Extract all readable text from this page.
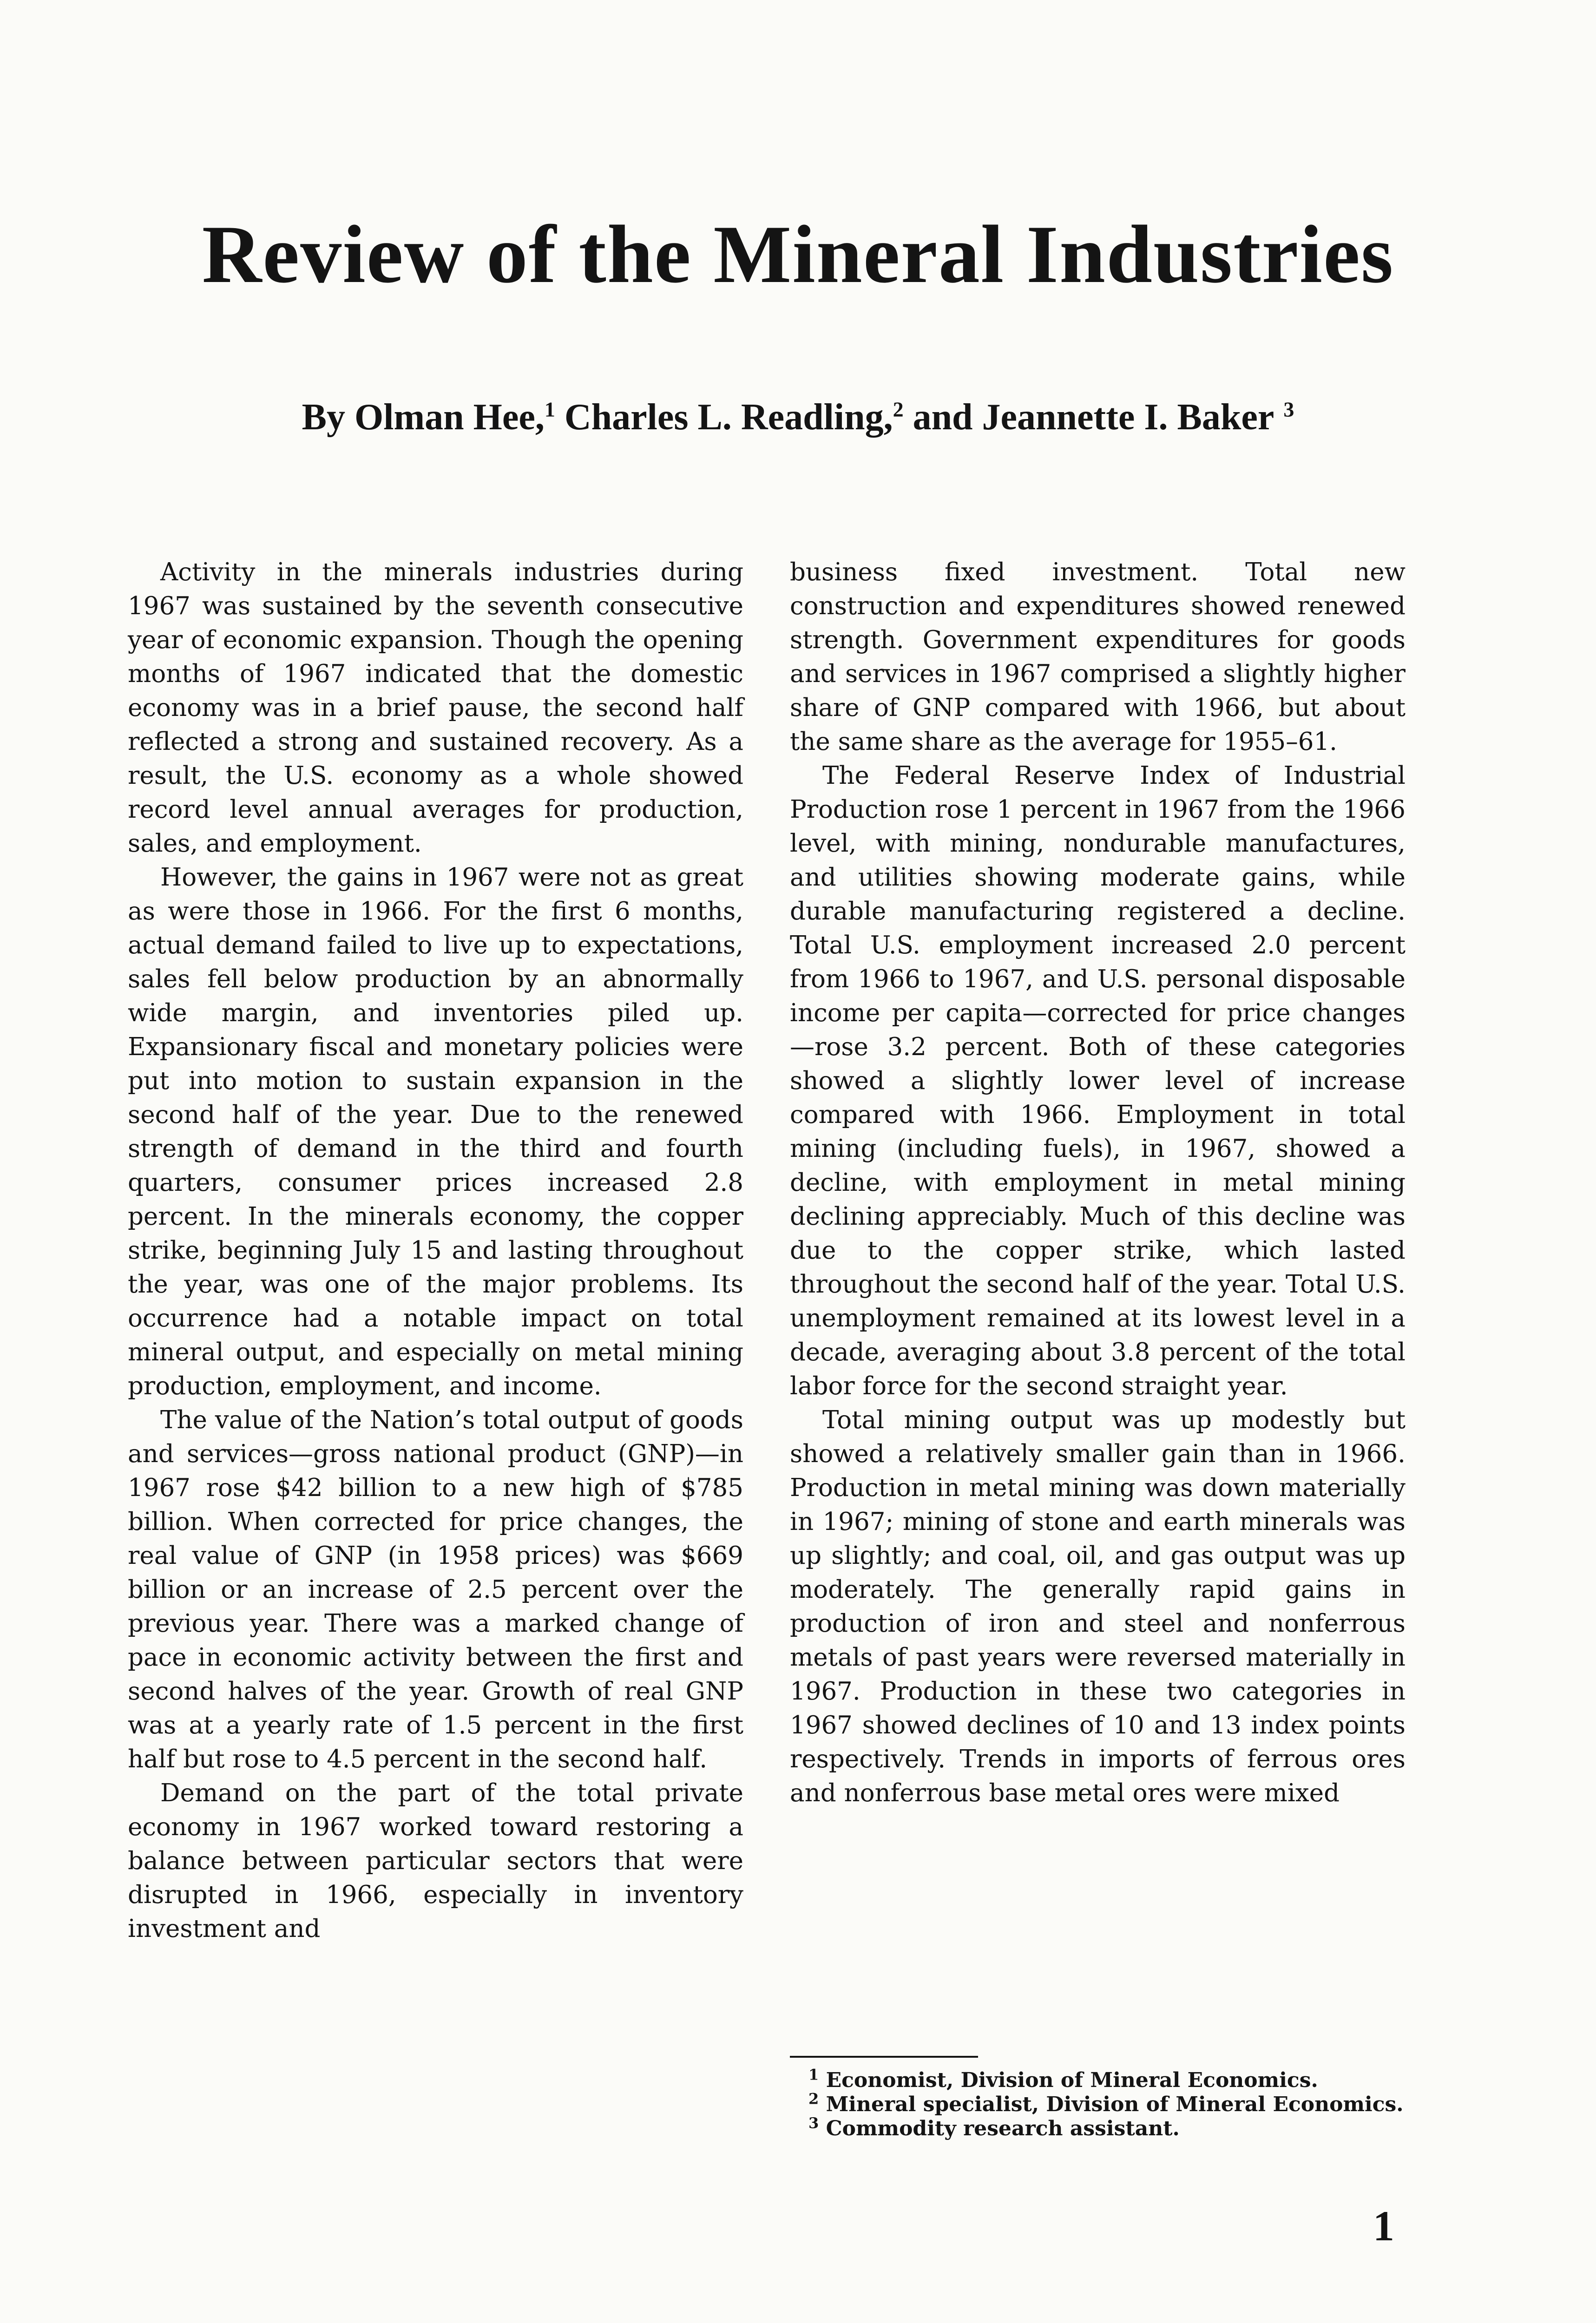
Review of the Mineral Industries
By Olman Hee,$^1$ Charles L. Readling,$^2$ and Jeannette I. Baker $^3$

Activity in the minerals industries during 1967 was sustained by the seventh consecutive year of economic expansion. Though the opening months of 1967 indicated that the domestic economy was in a brief pause, the second half reflected a strong and sustained recovery. As a result, the U.S. economy as a whole showed record level annual averages for production, sales, and employment.

However, the gains in 1967 were not as great as were those in 1966. For the first 6 months, actual demand failed to live up to expectations, sales fell below production by an abnormally wide margin, and inventories piled up. Expansionary fiscal and monetary policies were put into motion to sustain expansion in the second half of the year. Due to the renewed strength of demand in the third and fourth quarters, consumer prices increased 2.8 percent. In the minerals economy, the copper strike, beginning July 15 and lasting throughout the year, was one of the major problems. Its occurrence had a notable impact on total mineral output, and especially on metal mining production, employment, and income.

The value of the Nation’s total output of goods and services—gross national product (GNP)—in 1967 rose $42 billion to a new high of $785 billion. When corrected for price changes, the real value of GNP (in 1958 prices) was $669 billion or an increase of 2.5 percent over the previous year. There was a marked change of pace in economic activity between the first and second halves of the year. Growth of real GNP was at a yearly rate of 1.5 percent in the first half but rose to 4.5 percent in the second half.

Demand on the part of the total private economy in 1967 worked toward restoring a balance between particular sectors that were disrupted in 1966, especially in inventory investment and

business fixed investment. Total new construction and expenditures showed renewed strength. Government expenditures for goods and services in 1967 comprised a slightly higher share of GNP compared with 1966, but about the same share as the average for 1955–61.

The Federal Reserve Index of Industrial Production rose 1 percent in 1967 from the 1966 level, with mining, nondurable manufactures, and utilities showing moderate gains, while durable manufacturing registered a decline. Total U.S. employment increased 2.0 percent from 1966 to 1967, and U.S. personal disposable income per capita—corrected for price changes—rose 3.2 percent. Both of these categories showed a slightly lower level of increase compared with 1966. Employment in total mining (including fuels), in 1967, showed a decline, with employment in metal mining declining appreciably. Much of this decline was due to the copper strike, which lasted throughout the second half of the year. Total U.S. unemployment remained at its lowest level in a decade, averaging about 3.8 percent of the total labor force for the second straight year.

Total mining output was up modestly but showed a relatively smaller gain than in 1966. Production in metal mining was down materially in 1967; mining of stone and earth minerals was up slightly; and coal, oil, and gas output was up moderately. The generally rapid gains in production of iron and steel and nonferrous metals of past years were reversed materially in 1967. Production in these two categories in 1967 showed declines of 10 and 13 index points respectively. Trends in imports of ferrous ores and nonferrous base metal ores were mixed

$^1$ Economist, Division of Mineral Economics.

$^2$ Mineral specialist, Division of Mineral Economics.

$^3$ Commodity research assistant.

1
